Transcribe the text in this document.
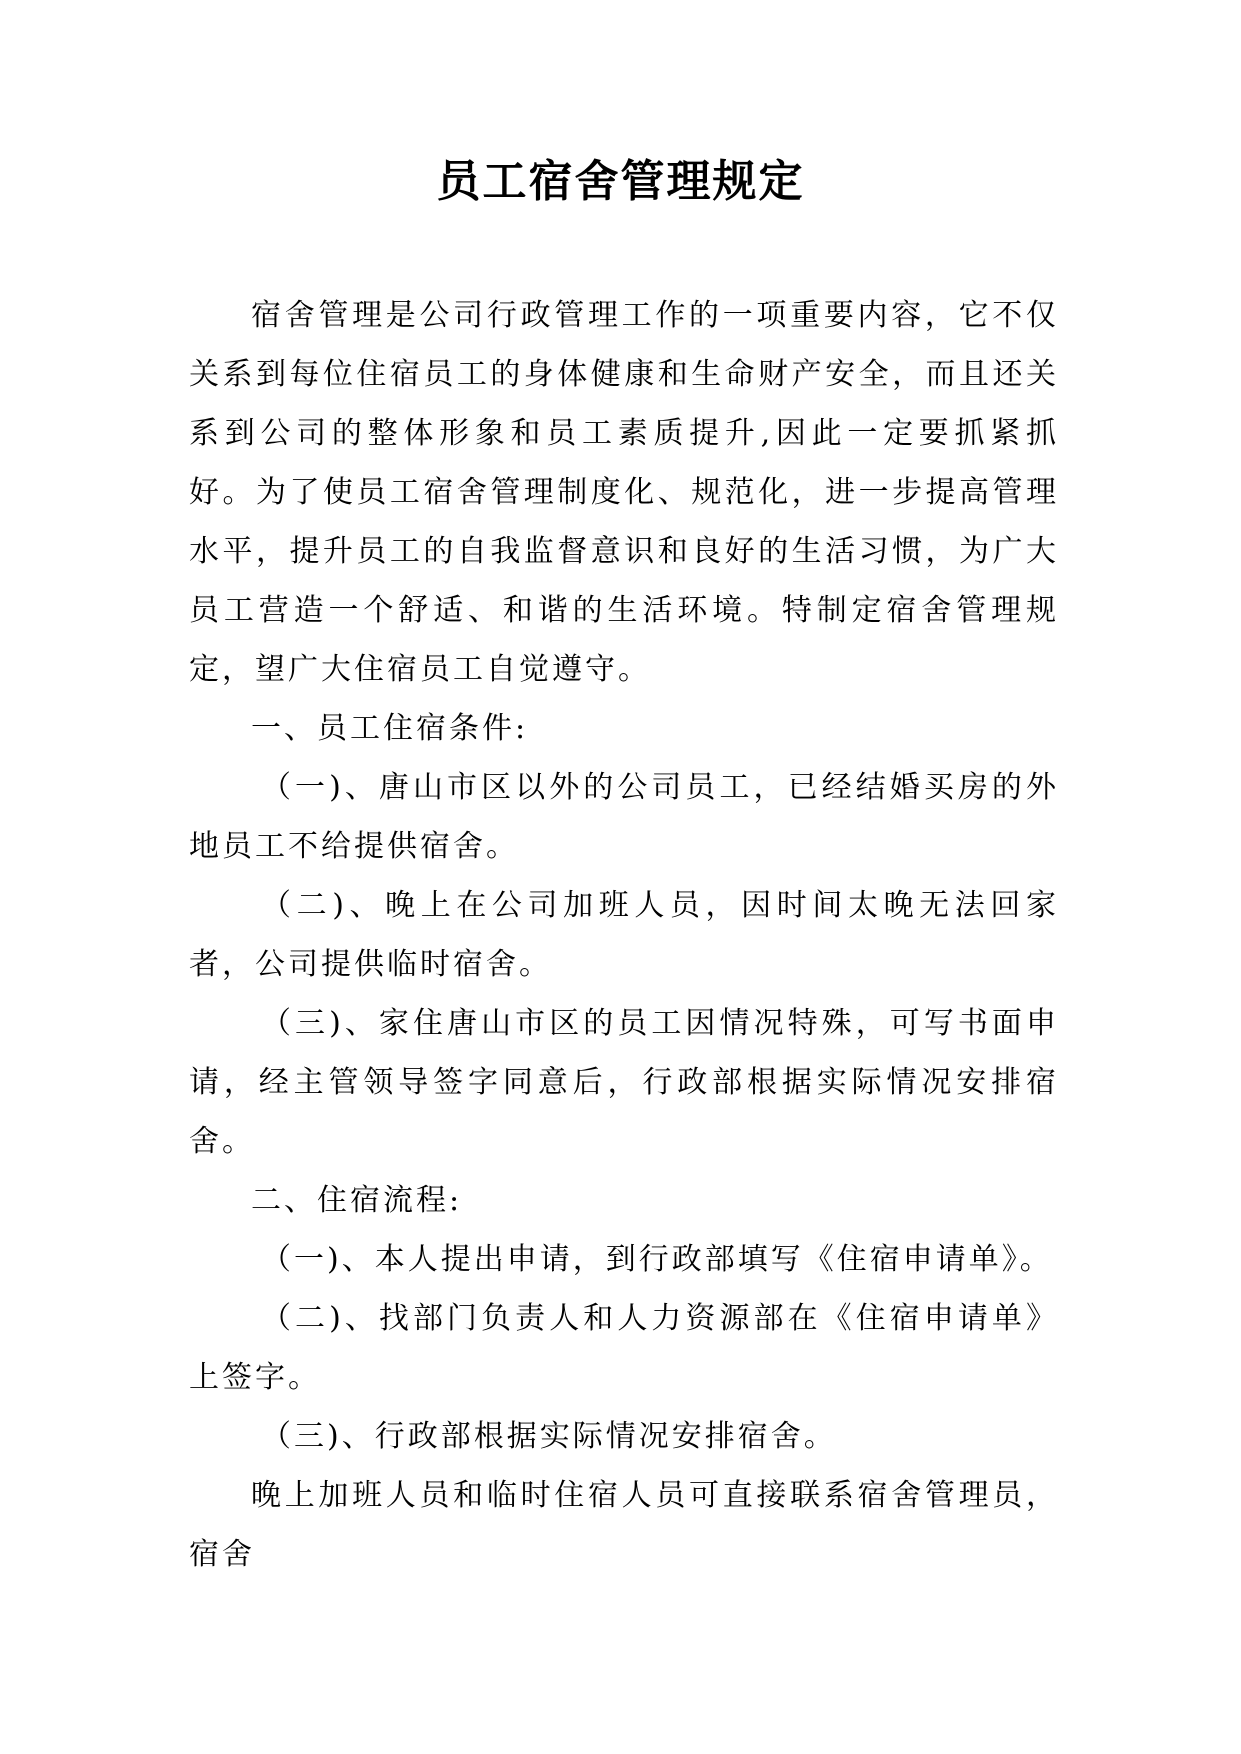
员工宿舍管理规定

宿舍管理是公司行政管理工作的一项重要内容，它不仅关系到每位住宿员工的身体健康和生命财产安全，而且还关系到公司的整体形象和员工素质提升,因此一定要抓紧抓好。为了使员工宿舍管理制度化、规范化，进一步提高管理水平，提升员工的自我监督意识和良好的生活习惯，为广大员工营造一个舒适、和谐的生活环境。特制定宿舍管理规定，望广大住宿员工自觉遵守。

一、员工住宿条件:

（一)、唐山市区以外的公司员工，已经结婚买房的外地员工不给提供宿舍。

（二)、晚上在公司加班人员，因时间太晚无法回家者，公司提供临时宿舍。

（三)、家住唐山市区的员工因情况特殊，可写书面申请，经主管领导签字同意后，行政部根据实际情况安排宿舍。

二、住宿流程:

（一)、本人提出申请，到行政部填写《住宿申请单》。

（二)、找部门负责人和人力资源部在《住宿申请单》上签字。

（三)、行政部根据实际情况安排宿舍。

晚上加班人员和临时住宿人员可直接联系宿舍管理员，宿舍
